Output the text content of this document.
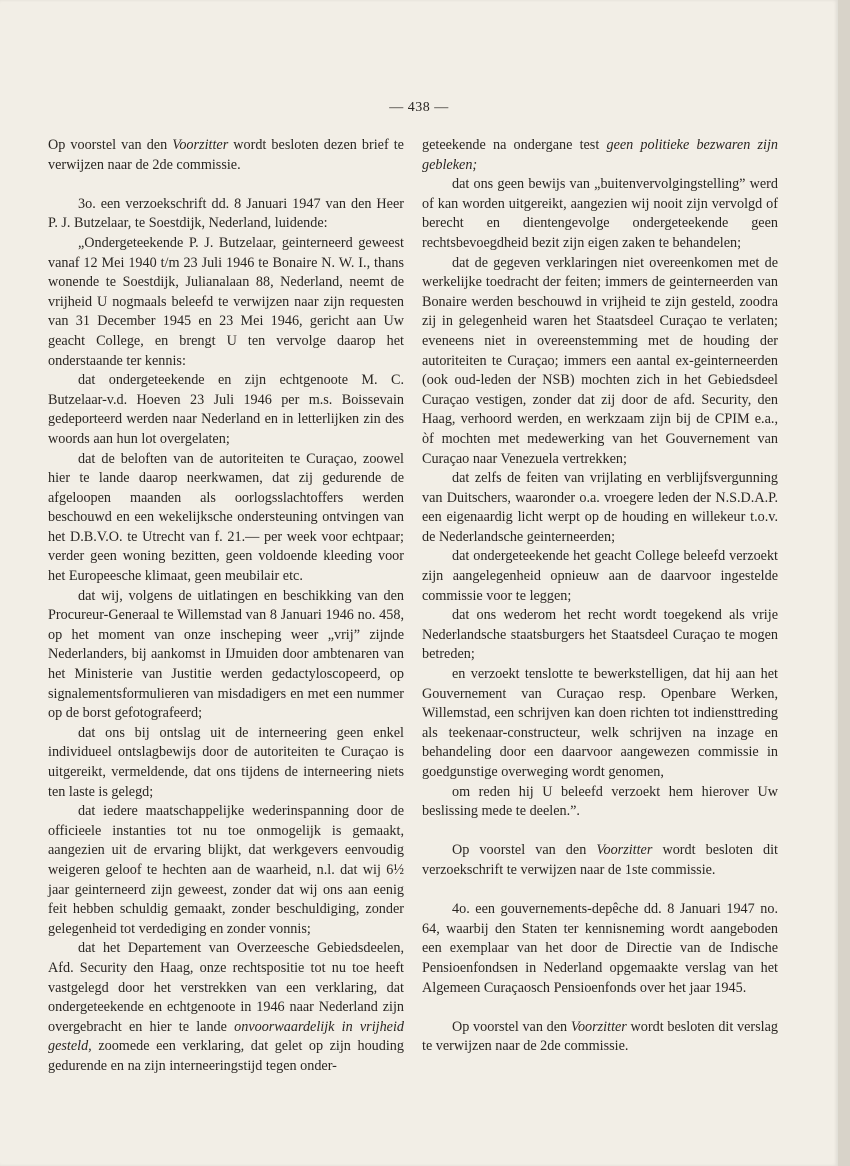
— 438 —

Op voorstel van den Voorzitter wordt besloten dezen brief te verwijzen naar de 2de commissie.

3o. een verzoekschrift dd. 8 Januari 1947 van den Heer P. J. Butzelaar, te Soestdijk, Nederland, luidende:

„Ondergeteekende P. J. Butzelaar, geinterneerd geweest vanaf 12 Mei 1940 t/m 23 Juli 1946 te Bonaire N. W. I., thans wonende te Soestdijk, Julianalaan 88, Nederland, neemt de vrijheid U nogmaals beleefd te verwijzen naar zijn requesten van 31 December 1945 en 23 Mei 1946, gericht aan Uw geacht College, en brengt U ten vervolge daarop het onderstaande ter kennis:

dat ondergeteekende en zijn echtgenoote M. C. Butzelaar-v.d. Hoeven 23 Juli 1946 per m.s. Boissevain gedeporteerd werden naar Nederland en in letterlijken zin des woords aan hun lot overgelaten;

dat de beloften van de autoriteiten te Curaçao, zoowel hier te lande daarop neerkwamen, dat zij gedurende de afgeloopen maanden als oorlogsslachtoffers werden beschouwd en een wekelijksche ondersteuning ontvingen van het D.B.V.O. te Utrecht van f. 21.— per week voor echtpaar; verder geen woning bezitten, geen voldoende kleeding voor het Europeesche klimaat, geen meubilair etc.

dat wij, volgens de uitlatingen en beschikking van den Procureur-Generaal te Willemstad van 8 Januari 1946 no. 458, op het moment van onze inscheping weer „vrij” zijnde Nederlanders, bij aankomst in IJmuiden door ambtenaren van het Ministerie van Justitie werden gedactyloscopeerd, op signalementsformulieren van misdadigers en met een nummer op de borst gefotografeerd;

dat ons bij ontslag uit de interneering geen enkel individueel ontslagbewijs door de autoriteiten te Curaçao is uitgereikt, vermeldende, dat ons tijdens de interneering niets ten laste is gelegd;

dat iedere maatschappelijke wederinspanning door de officieele instanties tot nu toe onmogelijk is gemaakt, aangezien uit de ervaring blijkt, dat werkgevers eenvoudig weigeren geloof te hechten aan de waarheid, n.l. dat wij 6½ jaar geinterneerd zijn geweest, zonder dat wij ons aan eenig feit hebben schuldig gemaakt, zonder beschuldiging, zonder gelegenheid tot verdediging en zonder vonnis;

dat het Departement van Overzeesche Gebiedsdeelen, Afd. Security den Haag, onze rechtspositie tot nu toe heeft vastgelegd door het verstrekken van een verklaring, dat ondergeteekende en echtgenoote in 1946 naar Nederland zijn overgebracht en hier te lande onvoorwaardelijk in vrijheid gesteld, zoomede een verklaring, dat gelet op zijn houding gedurende en na zijn interneeringstijd tegen onder-

geteekende na ondergane test geen politieke bezwaren zijn gebleken;

dat ons geen bewijs van „buitenvervolgingstelling” werd of kan worden uitgereikt, aangezien wij nooit zijn vervolgd of berecht en dientengevolge ondergeteekende geen rechtsbevoegdheid bezit zijn eigen zaken te behandelen;

dat de gegeven verklaringen niet overeenkomen met de werkelijke toedracht der feiten; immers de geinterneerden van Bonaire werden beschouwd in vrijheid te zijn gesteld, zoodra zij in gelegenheid waren het Staatsdeel Curaçao te verlaten; eveneens niet in overeenstemming met de houding der autoriteiten te Curaçao; immers een aantal ex-geinterneerden (ook oud-leden der NSB) mochten zich in het Gebiedsdeel Curaçao vestigen, zonder dat zij door de afd. Security, den Haag, verhoord werden, en werkzaam zijn bij de CPIM e.a., òf mochten met medewerking van het Gouvernement van Curaçao naar Venezuela vertrekken;

dat zelfs de feiten van vrijlating en verblijfsvergunning van Duitschers, waaronder o.a. vroegere leden der N.S.D.A.P. een eigenaardig licht werpt op de houding en willekeur t.o.v. de Nederlandsche geinterneerden;

dat ondergeteekende het geacht College beleefd verzoekt zijn aangelegenheid opnieuw aan de daarvoor ingestelde commissie voor te leggen;

dat ons wederom het recht wordt toegekend als vrije Nederlandsche staatsburgers het Staatsdeel Curaçao te mogen betreden;

en verzoekt tenslotte te bewerkstelligen, dat hij aan het Gouvernement van Curaçao resp. Openbare Werken, Willemstad, een schrijven kan doen richten tot indiensttreding als teekenaar-constructeur, welk schrijven na inzage en behandeling door een daarvoor aangewezen commissie in goedgunstige overweging wordt genomen,

om reden hij U beleefd verzoekt hem hierover Uw beslissing mede te deelen.”.

Op voorstel van den Voorzitter wordt besloten dit verzoekschrift te verwijzen naar de 1ste commissie.

4o. een gouvernements-depêche dd. 8 Januari 1947 no. 64, waarbij den Staten ter kennisneming wordt aangeboden een exemplaar van het door de Directie van de Indische Pensioenfondsen in Nederland opgemaakte verslag van het Algemeen Curaçaosch Pensioenfonds over het jaar 1945.

Op voorstel van den Voorzitter wordt besloten dit verslag te verwijzen naar de 2de commissie.
